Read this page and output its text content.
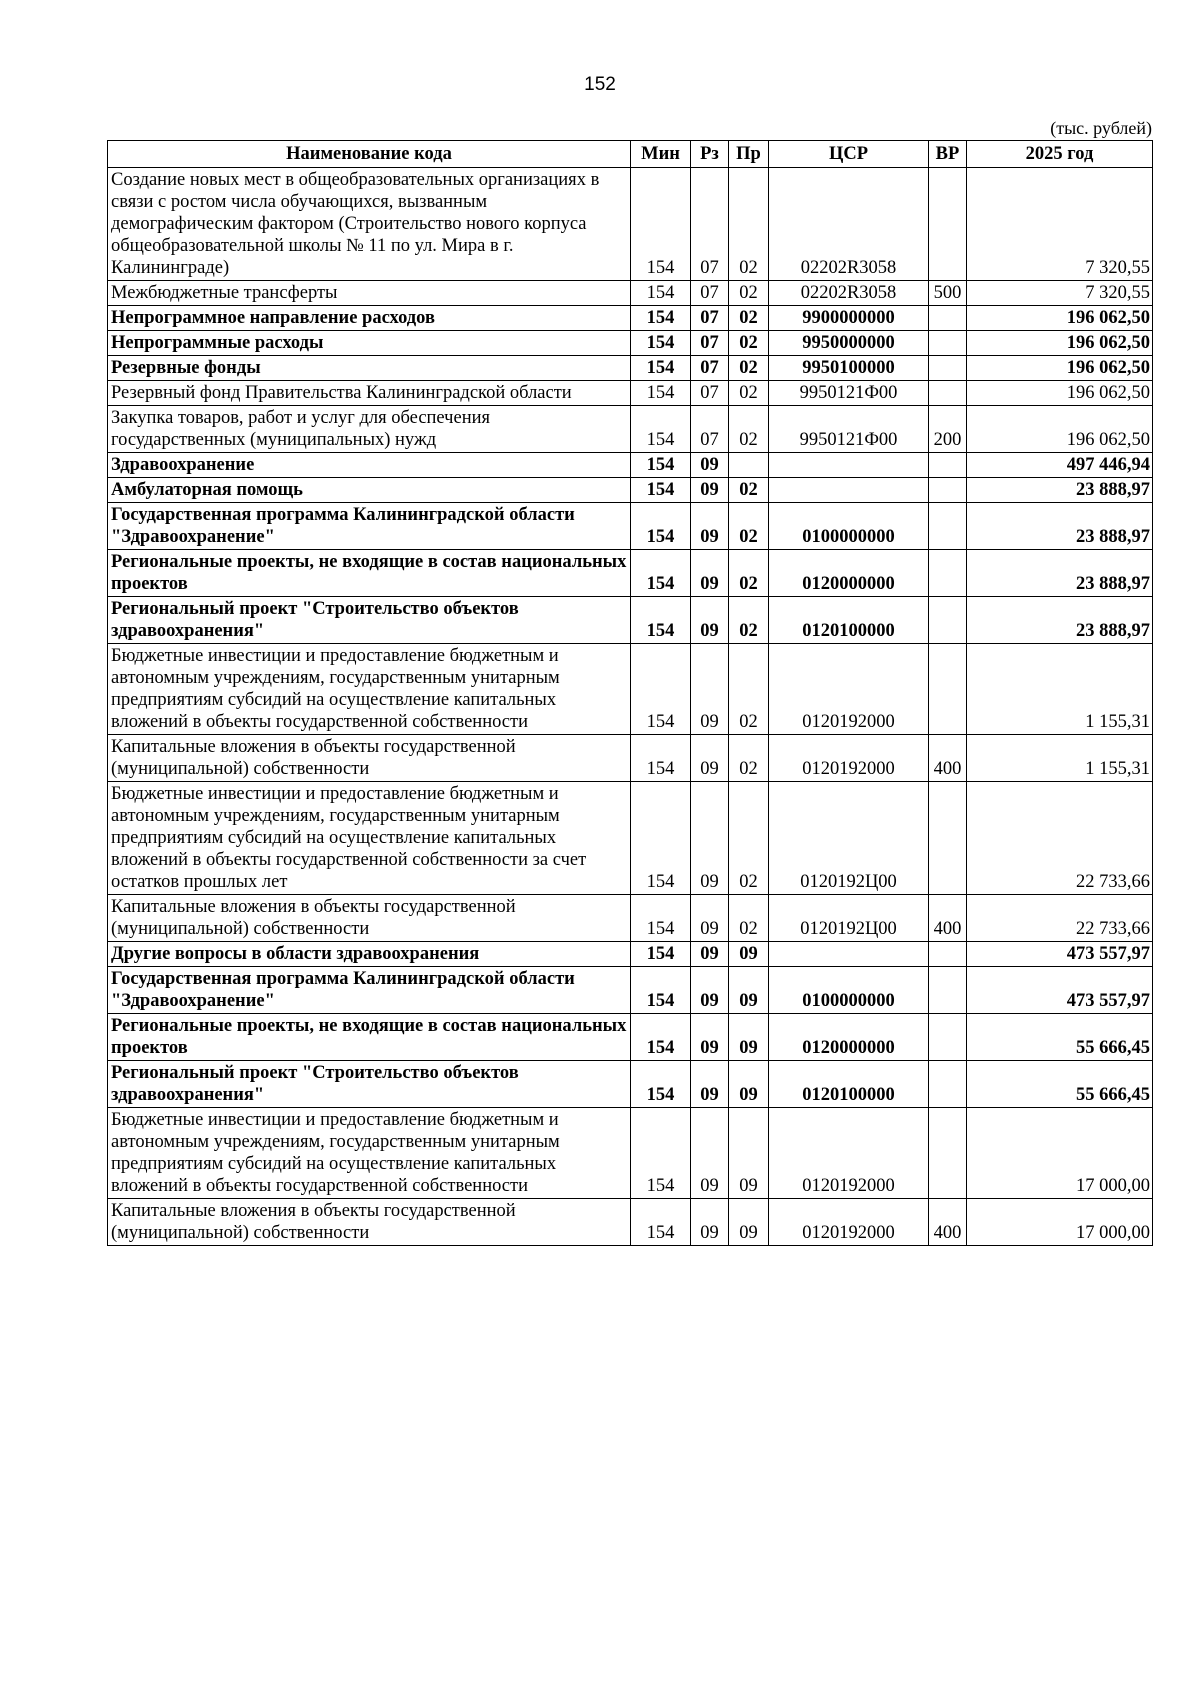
152
(тыс. рублей)
Наименование кода	Мин	Рз	Пр	ЦСР	ВР	2025 год
Создание новых мест в общеобразовательных организациях в связи с ростом числа обучающихся, вызванным демографическим фактором (Строительство нового корпуса общеобразовательной школы № 11 по ул. Мира в г. Калининграде)	154	07	02	02202R3058		7 320,55
Межбюджетные трансферты	154	07	02	02202R3058	500	7 320,55
Непрограммное направление расходов	154	07	02	9900000000		196 062,50
Непрограммные расходы	154	07	02	9950000000		196 062,50
Резервные фонды	154	07	02	9950100000		196 062,50
Резервный фонд Правительства Калининградской области	154	07	02	9950121Ф00		196 062,50
Закупка товаров, работ и услуг для обеспечения государственных (муниципальных) нужд	154	07	02	9950121Ф00	200	196 062,50
Здравоохранение	154	09				497 446,94
Амбулаторная помощь	154	09	02			23 888,97
Государственная программа Калининградской области "Здравоохранение"	154	09	02	0100000000		23 888,97
Региональные проекты, не входящие в состав национальных проектов	154	09	02	0120000000		23 888,97
Региональный проект "Строительство объектов здравоохранения"	154	09	02	0120100000		23 888,97
Бюджетные инвестиции и предоставление бюджетным и автономным учреждениям, государственным унитарным предприятиям субсидий на осуществление капитальных вложений в объекты государственной собственности	154	09	02	0120192000		1 155,31
Капитальные вложения в объекты государственной (муниципальной) собственности	154	09	02	0120192000	400	1 155,31
Бюджетные инвестиции и предоставление бюджетным и автономным учреждениям, государственным унитарным предприятиям субсидий на осуществление капитальных вложений в объекты государственной собственности за счет остатков прошлых лет	154	09	02	0120192Ц00		22 733,66
Капитальные вложения в объекты государственной (муниципальной) собственности	154	09	02	0120192Ц00	400	22 733,66
Другие вопросы в области здравоохранения	154	09	09			473 557,97
Государственная программа Калининградской области "Здравоохранение"	154	09	09	0100000000		473 557,97
Региональные проекты, не входящие в состав национальных проектов	154	09	09	0120000000		55 666,45
Региональный проект "Строительство объектов здравоохранения"	154	09	09	0120100000		55 666,45
Бюджетные инвестиции и предоставление бюджетным и автономным учреждениям, государственным унитарным предприятиям субсидий на осуществление капитальных вложений в объекты государственной собственности	154	09	09	0120192000		17 000,00
Капитальные вложения в объекты государственной (муниципальной) собственности	154	09	09	0120192000	400	17 000,00
